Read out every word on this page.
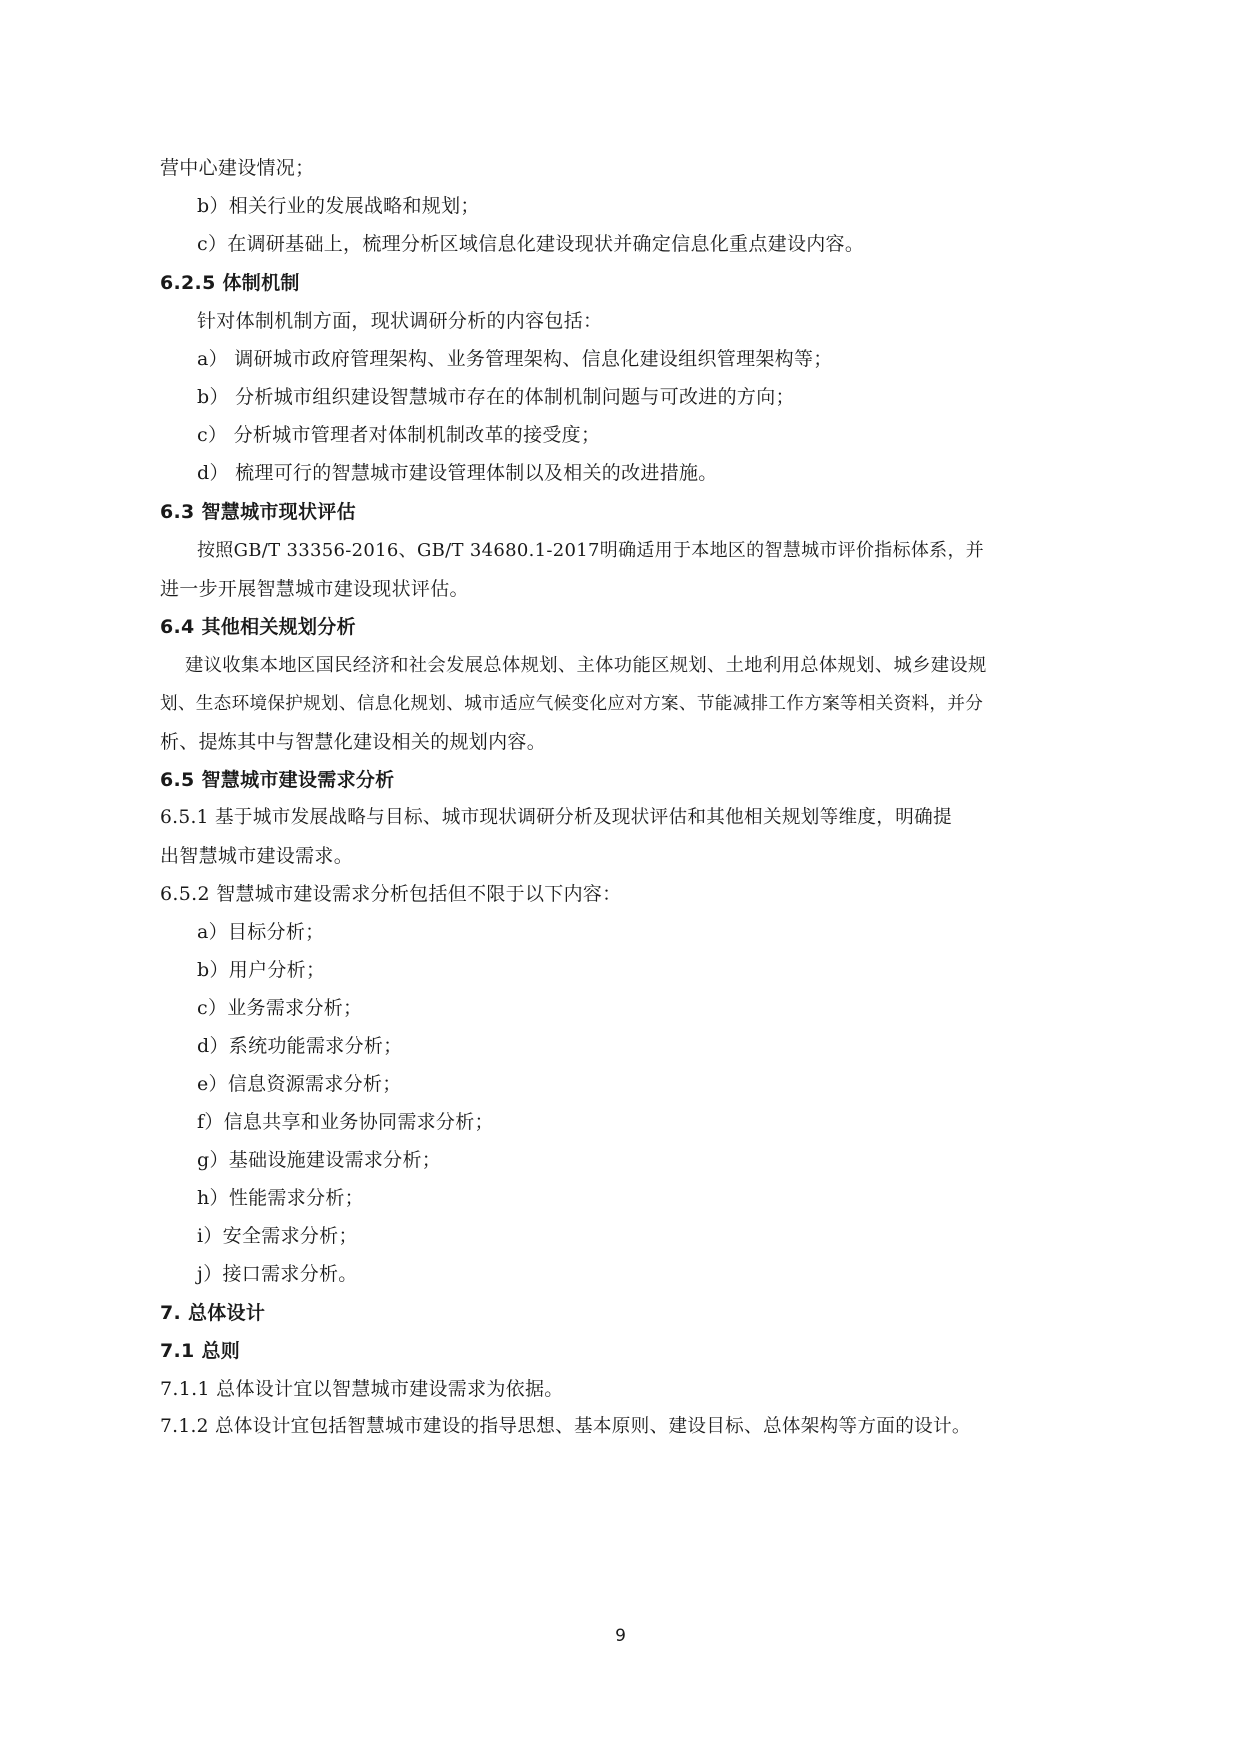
营中心建设情况；
b）相关行业的发展战略和规划；
c）在调研基础上，梳理分析区域信息化建设现状并确定信息化重点建设内容。
6.2.5 体制机制
针对体制机制方面，现状调研分析的内容包括：
a） 调研城市政府管理架构、业务管理架构、信息化建设组织管理架构等；
b） 分析城市组织建设智慧城市存在的体制机制问题与可改进的方向；
c） 分析城市管理者对体制机制改革的接受度；
d） 梳理可行的智慧城市建设管理体制以及相关的改进措施。
6.3 智慧城市现状评估
按照GB/T 33356-2016、GB/T 34680.1-2017明确适用于本地区的智慧城市评价指标体系，并
进一步开展智慧城市建设现状评估。
6.4 其他相关规划分析
建议收集本地区国民经济和社会发展总体规划、主体功能区规划、土地利用总体规划、城乡建设规
划、生态环境保护规划、信息化规划、城市适应气候变化应对方案、节能减排工作方案等相关资料，并分
析、提炼其中与智慧化建设相关的规划内容。
6.5 智慧城市建设需求分析
6.5.1 基于城市发展战略与目标、城市现状调研分析及现状评估和其他相关规划等维度，明确提
出智慧城市建设需求。
6.5.2 智慧城市建设需求分析包括但不限于以下内容：
a）目标分析；
b）用户分析；
c）业务需求分析；
d）系统功能需求分析；
e）信息资源需求分析；
f）信息共享和业务协同需求分析；
g）基础设施建设需求分析；
h）性能需求分析；
i）安全需求分析；
j）接口需求分析。
7. 总体设计
7.1 总则
7.1.1 总体设计宜以智慧城市建设需求为依据。
7.1.2 总体设计宜包括智慧城市建设的指导思想、基本原则、建设目标、总体架构等方面的设计。
9
